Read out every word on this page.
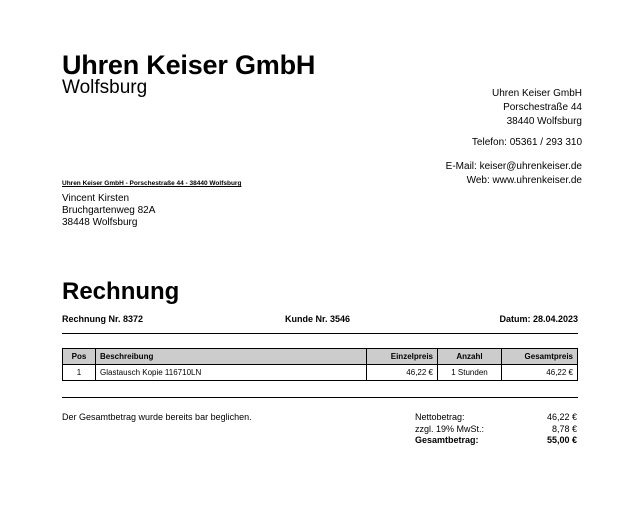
Uhren Keiser GmbH
Wolfsburg	Uhren Keiser GmbH
Porschestraße 44
38440 Wolfsburg
Telefon: 05361 / 293 310
E-Mail: keiser@uhrenkeiser.de
Web: www.uhrenkeiser.de
Uhren Keiser GmbH - Porschestraße 44 - 38440 Wolfsburg
Vincent Kirsten
Bruchgartenweg 82A
38448 Wolfsburg
Rechnung
Rechnung Nr. 8372	Kunde Nr. 3546	Datum: 28.04.2023
Pos	Beschreibung	Einzelpreis	Anzahl	Gesamtpreis
1	Glastausch Kopie 116710LN	46,22 €	1 Stunden	46,22 €
Der Gesamtbetrag wurde bereits bar beglichen.	Nettobetrag:	46,22 €
zzgl. 19% MwSt.:	8,78 €
Gesamtbetrag:	55,00 €
